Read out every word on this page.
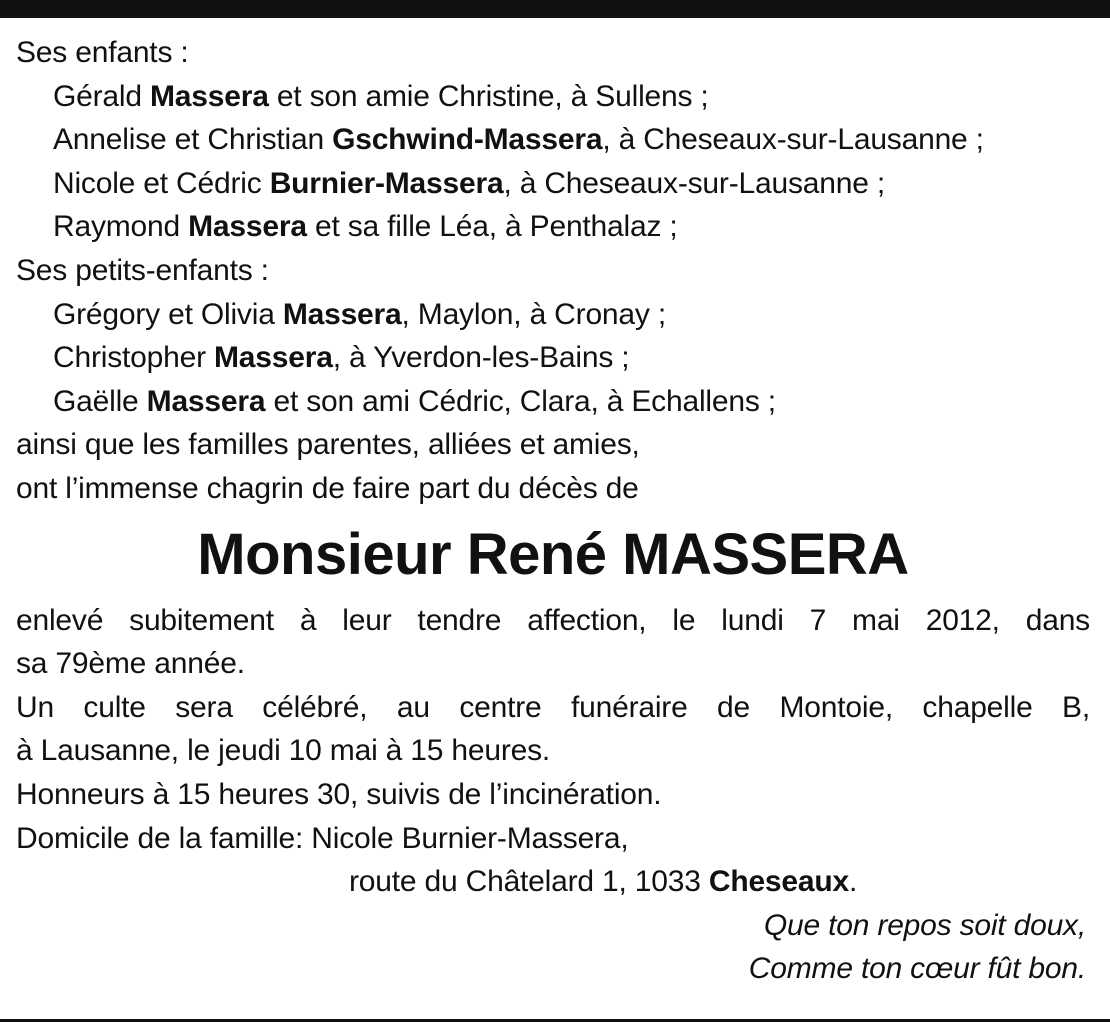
Ses enfants :
Gérald Massera et son amie Christine, à Sullens ;
Annelise et Christian Gschwind-Massera, à Cheseaux-sur-Lausanne ;
Nicole et Cédric Burnier-Massera, à Cheseaux-sur-Lausanne ;
Raymond Massera et sa fille Léa, à Penthalaz ;
Ses petits-enfants :
Grégory et Olivia Massera, Maylon, à Cronay ;
Christopher Massera, à Yverdon-les-Bains ;
Gaëlle Massera et son ami Cédric, Clara, à Echallens ;
ainsi que les familles parentes, alliées et amies,
ont l’immense chagrin de faire part du décès de
Monsieur René MASSERA
enlevé subitement à leur tendre affection, le lundi 7 mai 2012, dans
sa 79ème année.
Un culte sera célébré, au centre funéraire de Montoie, chapelle B,
à Lausanne, le jeudi 10 mai à 15 heures.
Honneurs à 15 heures 30, suivis de l’incinération.
Domicile de la famille: Nicole Burnier-Massera,
route du Châtelard 1, 1033 Cheseaux.
Que ton repos soit doux,
Comme ton cœur fût bon.
